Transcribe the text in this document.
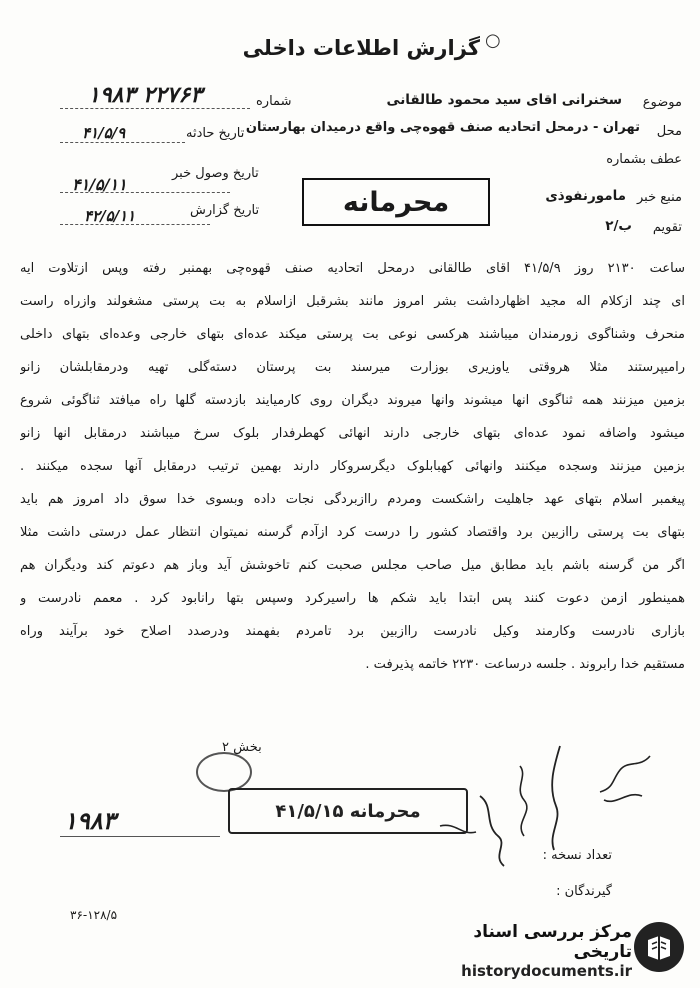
○
گزارش اطلاعات داخلی
شماره
۱۹۸۳ ۲۲۷۶۳	موضوع
سخنرانی اقای سید محمود طالقانی
محل
تهران - درمحل اتحادیه صنف قهوه‌چی واقع درمیدان بهارستان
تاریخ حادثه
۴۱/۵/۹
عطف بشماره
تاریخ وصول خبر
۴۱/۵/۱۱
محرمانه	منبع خبر
مامورنفوذی
تاریخ گزارش
۴۲/۵/۱۱
تقویم
ب/۲
ساعت ۲۱۳۰ روز ۴۱/۵/۹ اقای طالقانی درمحل اتحادیه صنف قهوه‌چی بهمنبر رفته وپس ازتلاوت ایه
ای چند ازکلام اله مجید اظهارداشت بشر امروز مانند بشرقبل ازاسلام به بت پرستی مشغولند وازراه راست
منحرف وشناگوی زورمندان میباشند هرکسی نوعی بت پرستی میکند عده‌ای بتهای خارجی وعده‌ای بتهای داخلی
رامیپرستند مثلا هروقتی یاوزیری بوزارت میرسند بت پرستان دسته‌گلی تهیه ودرمقابلشان زانو
بزمین میزنند همه ثناگوی انها میشوند وانها میروند دیگران روی کارمیایند بازدسته گلها راه میافتد ثناگوئی شروع
میشود واضافه نمود عده‌ای بتهای خارجی دارند انهائی کهطرفدار بلوک سرخ میباشند درمقابل انها زانو
بزمین میزنند وسجده میکنند وانهائی کهبابلوک دیگرسروکار دارند بهمین ترتیب درمقابل آنها سجده میکنند .
پیغمبر اسلام بتهای عهد جاهلیت راشکست ومردم راازبردگی نجات داده وبسوی خدا سوق داد امروز هم باید
بتهای بت پرستی راازبین برد واقتصاد کشور را درست کرد ازآدم گرسنه نمیتوان انتظار عمل درستی داشت مثلا
اگر من گرسنه باشم باید مطابق میل صاحب مجلس صحبت کنم تاخوشش آید وباز هم دعوتم کند ودیگران هم
همینطور ازمن دعوت کنند پس ابتدا باید شکم ها راسیرکرد وسپس بتها رانابود کرد . معمم نادرست و
بازاری نادرست وکارمند وکیل نادرست راازبین برد تامردم بفهمند ودرصدد اصلاح خود برآیند وراه
مستقیم خدا رابروند . جلسه درساعت ۲۲۳۰ خاتمه پذیرفت .
بخش ۲
محرمانه ۴۱/۵/۱۵
۱۹۸۳
تعداد نسخه :
گیرندگان :
۳۶-۱۲۸/۵
مرکز بررسی اسناد تاریخی
historydocuments.ir
